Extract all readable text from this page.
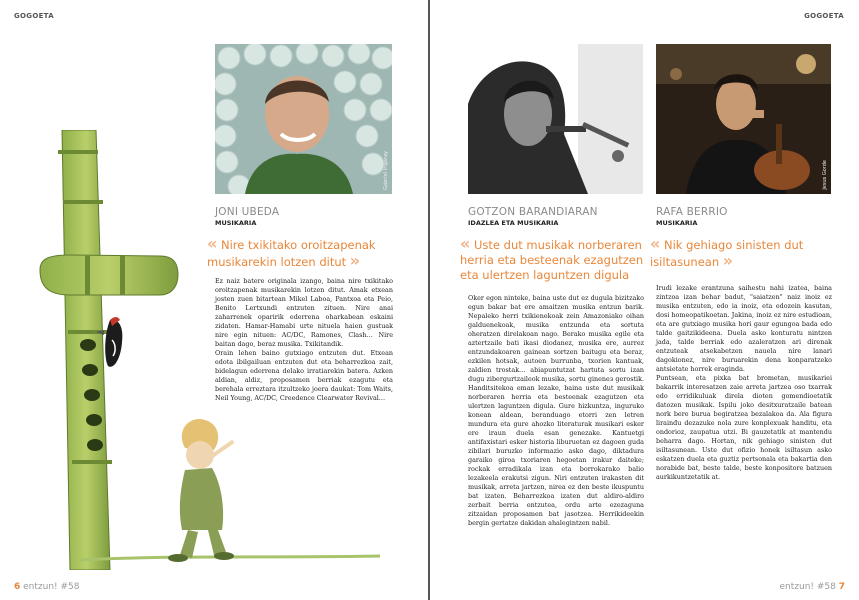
GOGOETA
Gabriel Irigaray
JONI UBEDA
MUSIKARIA
« Nire txikitako oroitzapenak musikarekin lotzen ditut »

Ez naiz batere originala izango, baina nire txikitako oroitzapenak musikarekin lotzen ditut. Amak etxean josten zuen bitartean Mikel Laboa, Pantxoa eta Peio, Benito Lertxundi entzuten zituen. Nire anai zaharrenek oparirik ederrena oharkabean eskaini zidaten. Hamar-Hamabi urte nituela haien gustuak nire egin nituen: AC/DC, Ramones, Clash… Nire baitan dago, beraz musika. Txikitandik.

Orain lehen baino gutxiago entzuten dut. Etxean edota ibilgailuan entzuten dut eta beharrezkoa zait, bidelagun ederrena delako irratiarekin batera. Azken aldian, aldiz, proposamen berriak ezagutu eta berehala erreztara itzultzeko joera daukat: Tom Waits, Neil Young, AC/DC, Creedence Clearwater Revival…

6 entzun! #58
GOGOETA
Jesus Gorde
GOTZON BARANDIARAN
IDAZLEA ETA MUSIKARIA
RAFA BERRIO
MUSIKARIA
« Uste dut musikak norberaren herria eta besteenak ezagutzen eta ulertzen laguntzen digula
« Nik gehiago sinisten dut isiltasunean »

Oker egon ninteke, baina uste dut ez dugula bizitzako egun bakar bat ere amaitzen musika entzun barik. Nepaleko herri txikienekoak zein Amazoniako oihan galduenekoak, musika entzunda eta sortuta oheratzen direlakoan nago. Berako musika egile eta aztertzaile bati ikasi diodanez, musika ere, aurrez entzundakoaren gainean sortzen baitugu eta beraz, ezkilen hotsak, autoen burrunba, txorien kantuak, zaldien trostak… abiapuntutzat hartuta sortu izan dugu zibergurtzaileok musika, sortu gineneз gerostik. Handitsitekoa eman lezake, baina uste dut musikak norberaren herria eta besteenak ezagutzen eta ulertzen laguntzen digula. Gure hizkuntza, inguruko konean aldean, beranduago etorri zen letren mundura eta gure ahozko literaturak musikari esker ere iraun duela esan genezake. Kantuetgi antifaxistari esker historia liburuetan ez dagoen guda zibilari buruzko informazio asko dago, diktadura garaiko giroa txoriaren hegoetan irakur daiteke; rockak erradikala izan eta borrokarako balio lezakeela erakutsi zigun. Niri entzuten irakasten dit musikak, arreta jartzen, nirea ez den beste ikuspuntu bat izaten. Beharrezkoa izaten dut aldiro-aldiro zerbait berria entzutea, ordu arte ezezaguna zitzaidan proposamen bat jasotzea. Herrikideekin bergin gertatze dakidan ahalegintzen nabil.

Irudi lezake erantzuna saihestu nahi izatea, baina zintzoa izan behar badut, "saiatzen" naiz inoiz ez musika entzuten, edo ia inoiz, eta edozein kasutan, dosi homeopatikoetan. Jakina, inoiz ez nire estudioan, eta are gutxiago musika hori gaur egungoa bada edo talde gaitzikideena. Duela asko konturatu nintzen jada, talde berriak edo azaleratzen ari direnak entzuteak atsekabetzen nauela nire lanari dagokionez, nire buruarekin dena konparatzeko antsietate horrek eraginda.

Puntsean, eta pixka bat brometan, musikariei bakarrik interesatzen zaie arreta jartzea oso txarrak edo erridikuluak direla dioten gomendioetatik datozen musikak. Ispilu joko desitxuratzaile batean nork bere burua begiratzea bezalakoa da. Ala figura lirainđu dezazuke nola zure konplexuak handitu, eta ondorioz, zaupatua utzi. Bi gauzetatik at mantendu beharra dago. Hortan, nik gehiago sinisten dut isiltasunean. Uste dut ofizio honek isiltasun asko eskatzen duela eta guztiz pertsonala eta bakartia den norabide bat, beste talde, beste konpositore batzuen aurkikuntzetatik at.

entzun! #58 7
